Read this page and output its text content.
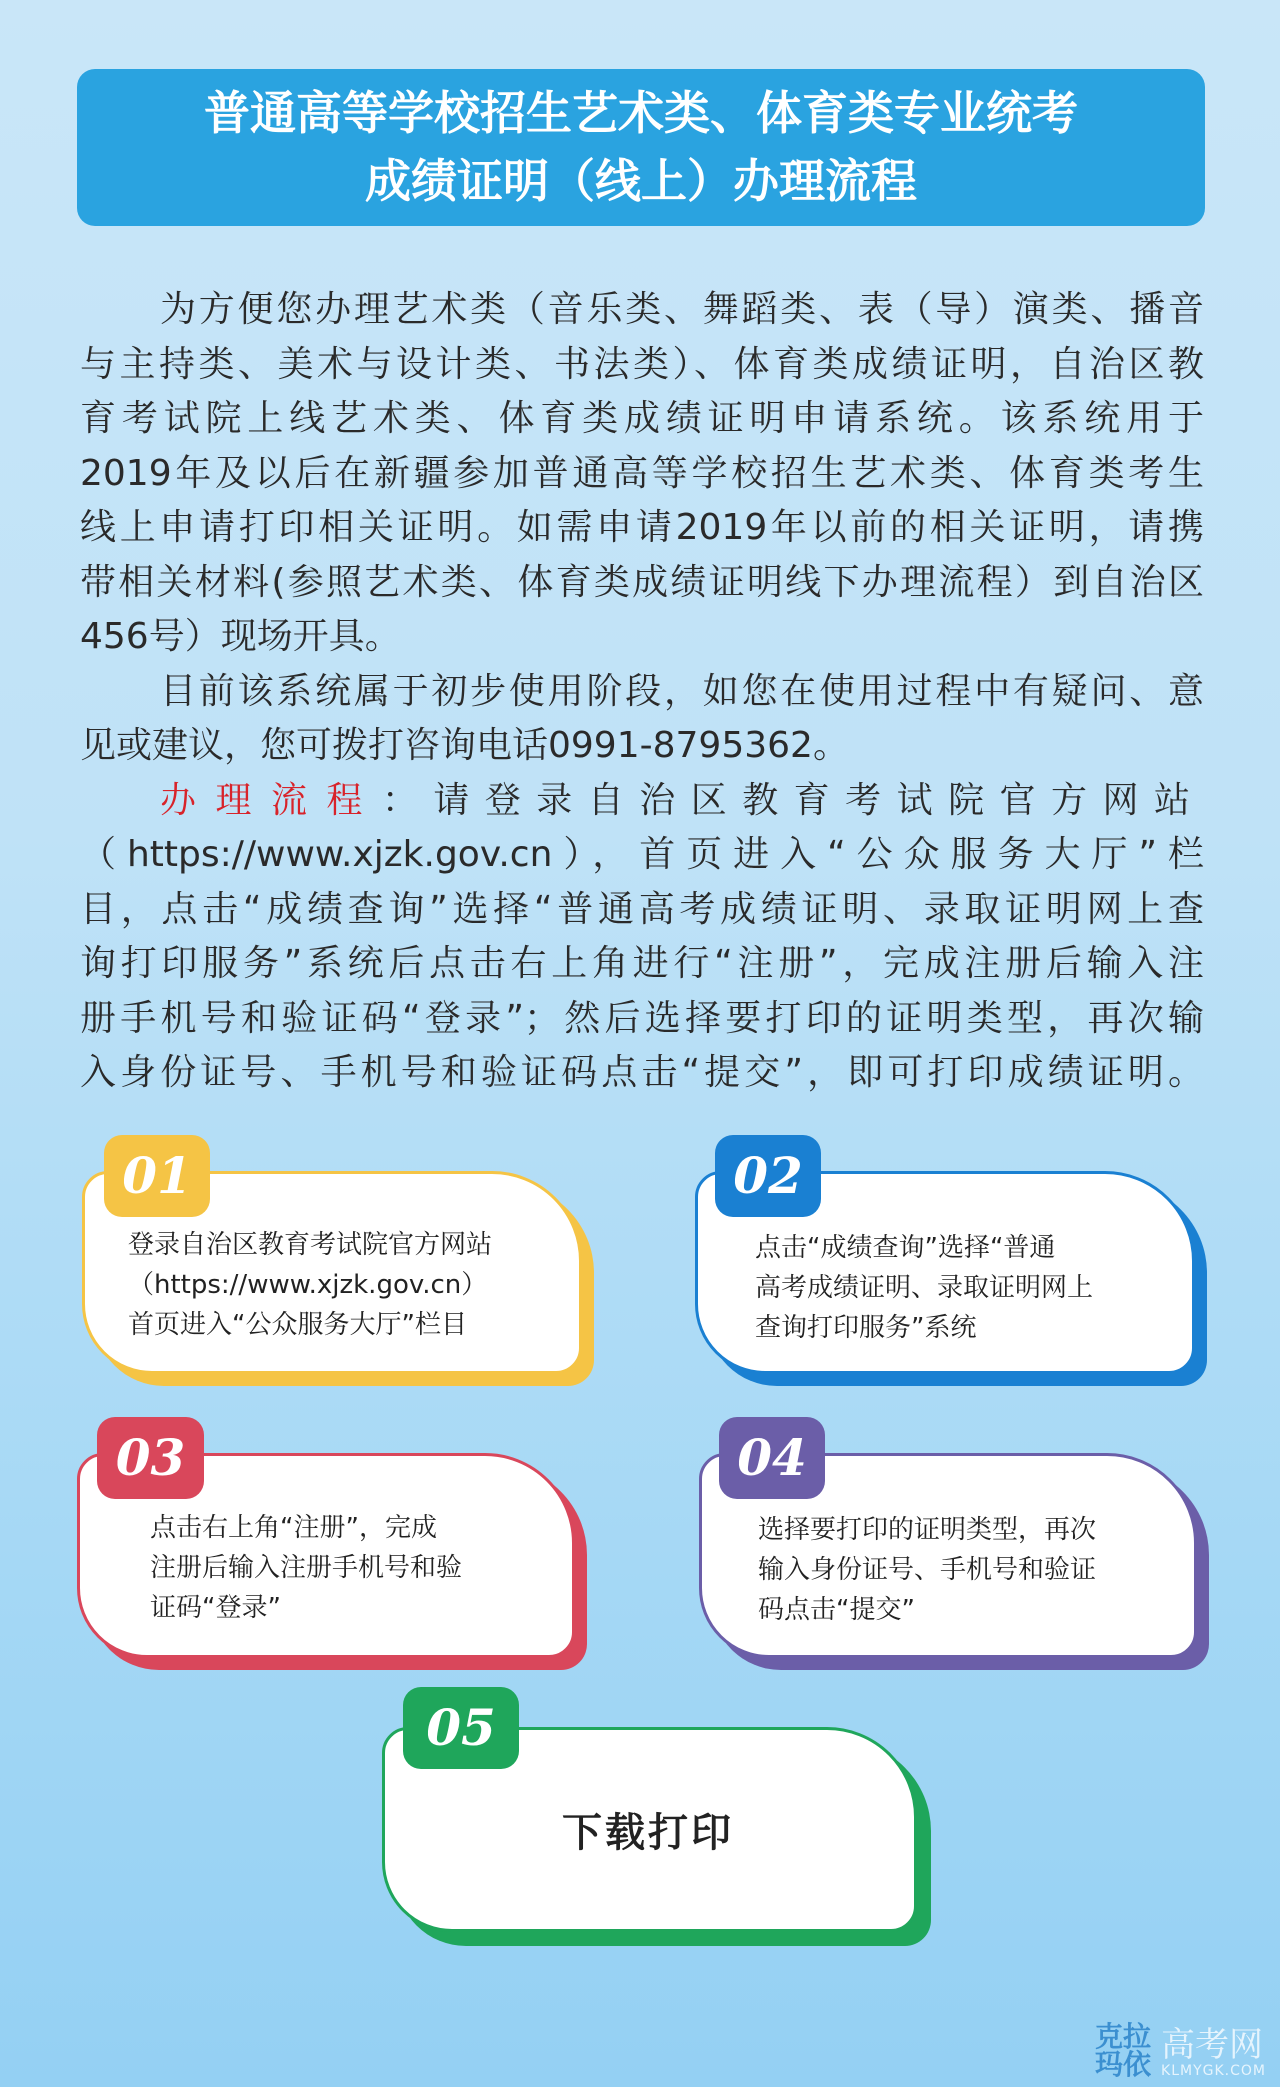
普通高等学校招生艺术类、体育类专业统考
成绩证明（线上）办理流程
为方便您办理艺术类（音乐类、舞蹈类、表（导）演类、播音
与主持类、美术与设计类、书法类）、体育类成绩证明，自治区教
育考试院上线艺术类、体育类成绩证明申请系统。该系统用于
2019年及以后在新疆参加普通高等学校招生艺术类、体育类考生
线上申请打印相关证明。如需申请2019年以前的相关证明，请携
带相关材料(参照艺术类、体育类成绩证明线下办理流程）到自治区
456号）现场开具。
目前该系统属于初步使用阶段，如您在使用过程中有疑问、意
见或建议，您可拨打咨询电话0991-8795362。
办理流程：请登录自治区教育考试院官方网站
（https://www.xjzk.gov.cn），首页进入“公众服务大厅”栏
目，点击“成绩查询”选择“普通高考成绩证明、录取证明网上查
询打印服务”系统后点击右上角进行“注册”，完成注册后输入注
册手机号和验证码“登录”；然后选择要打印的证明类型，再次输
入身份证号、手机号和验证码点击“提交”，即可打印成绩证明。
01
登录自治区教育考试院官方网站
（https://www.xjzk.gov.cn）
首页进入“公众服务大厅”栏目
02
点击“成绩查询”选择“普通
高考成绩证明、录取证明网上
查询打印服务”系统
03
点击右上角“注册”，完成
注册后输入注册手机号和验
证码“登录”
04
选择要打印的证明类型，再次
输入身份证号、手机号和验证
码点击“提交”
05
下载打印
克拉玛依 高考网
KLMYGK.COM
